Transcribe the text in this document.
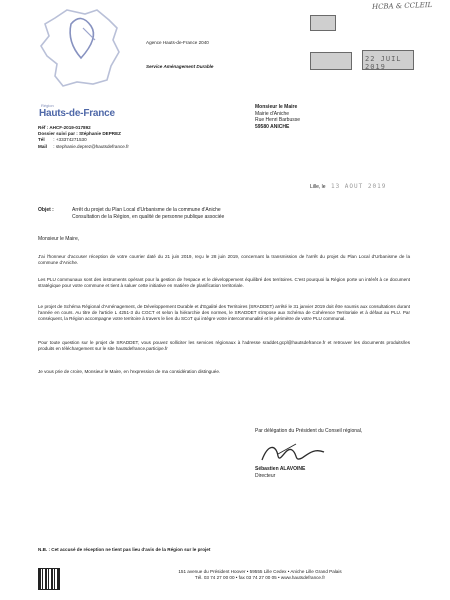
HCBA & CCLEIL
Région
Hauts-de-France
Agence Hauts-de-France 2040
Service Aménagement Durable
22 JUIL 2019
Réf : AHCF-2019-017892
Dossier suivi par : Stéphanie DEPREZ
Tél : +33374271530
Mail : stephanie.deprez@hautsdefrance.fr
Monsieur le Maire
Mairie d'Aniche
Rue Henri Barbusse
59580 ANICHE
Lille, le 13 AOUT 2019
Objet :	Arrêt du projet du Plan Local d'Urbanisme de la commune d'Aniche
Consultation de la Région, en qualité de personne publique associée
Monsieur le Maire,
J'ai l'honneur d'accuser réception de votre courrier daté du 21 juin 2019, reçu le 28 juin 2019, concernant la transmission de l'arrêt du projet du Plan Local d'Urbanisme de la commune d'Aniche.
Les PLU communaux sont des instruments opérant pour la gestion de l'espace et le développement équilibré des territoires. C'est pourquoi la Région porte un intérêt à ce document stratégique pour votre commune et tient à saluer cette initiative en matière de planification territoriale.
Le projet de Schéma Régional d'Aménagement, de Développement Durable et d'Egalité des Territoires (SRADDET) arrêté le 31 janvier 2019 doit être soumis aux consultations durant l'année en cours. Au titre de l'article L 4251-3 du CGCT et selon la hiérarchie des normes, le SRADDET s'impose aux Schéma de Cohérence Territoriale et à défaut au PLU. Par conséquent, la Région accompagne votre territoire à travers le lien du SCoT qui intègre votre intercommunalité et le périmètre de votre PLU communal.
Pour toute question sur le projet de SRADDET, vous pouvez solliciter les services régionaux à l'adresse sraddet.gcpl@hautsdefrance.fr et retrouver les documents produits/les produits en téléchargement sur le site hautsdefrance.participe.fr
Je vous prie de croire, Monsieur le Maire, en l'expression de ma considération distinguée.
Par délégation du Président du Conseil régional,
Sébastien ALAVOINE
Directeur
N.B. : Cet accusé de réception ne tient pas lieu d'avis de la Région sur le projet
151 avenue du Président Hoover • 59555 Lille Cedex • Aniche Lille Grand Palais
Tél. 03 74 27 00 00 • fax 03 74 27 00 05 • www.hautsdefrance.fr
